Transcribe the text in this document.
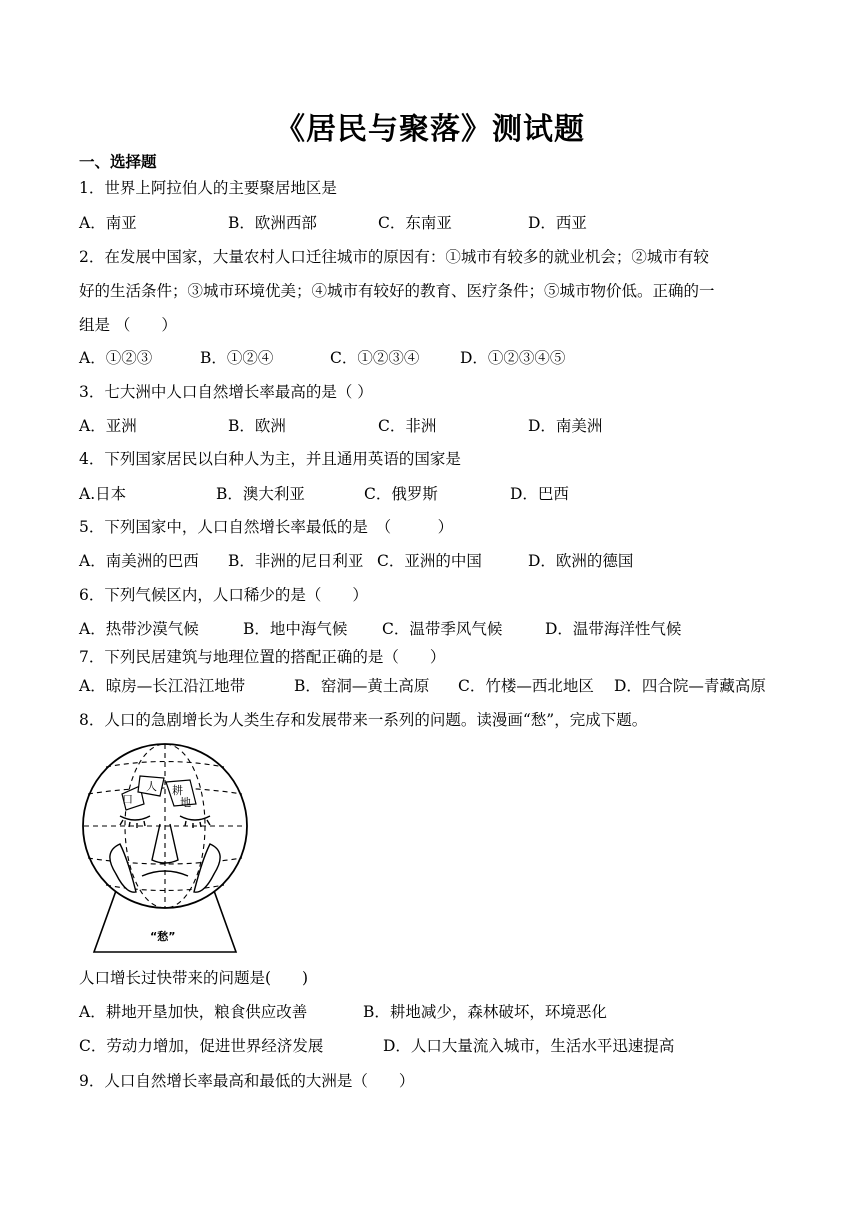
《居民与聚落》测试题
一、选择题
1．世界上阿拉伯人的主要聚居地区是
A．南亚	B．欧洲西部	C．东南亚	D．西亚
2．在发展中国家，大量农村人口迁往城市的原因有：①城市有较多的就业机会；②城市有较
好的生活条件；③城市环境优美；④城市有较好的教育、医疗条件；⑤城市物价低。正确的一
组是 （　　）
A．①②③	B．①②④	C．①②③④	D．①②③④⑤
3．七大洲中人口自然增长率最高的是（ ）
A．亚洲	B．欧洲	C．非洲	D．南美洲
4．下列国家居民以白种人为主，并且通用英语的国家是
A.日本	B．澳大利亚	C．俄罗斯	D．巴西
5．下列国家中，人口自然增长率最低的是　（　　　）
A．南美洲的巴西 B．非洲的尼日利亚 C．亚洲的中国	D．欧洲的德国
6．下列气候区内，人口稀少的是（　　）
A．热带沙漠气候	B．地中海气候 C．温带季风气候	D．温带海洋性气候
7．下列民居建筑与地理位置的搭配正确的是（　　）
A．晾房—长江沿江地带	B．窑洞—黄土高原 C．竹楼—西北地区 D．四合院—青藏高原
8．人口的急剧增长为人类生存和发展带来一系列的问题。读漫画“愁”，完成下题。
口
人 耕
地
“愁”
人口增长过快带来的问题是(　　)
A．耕地开垦加快，粮食供应改善	B．耕地减少，森林破坏，环境恶化
C．劳动力增加，促进世界经济发展	D．人口大量流入城市，生活水平迅速提高
9．人口自然增长率最高和最低的大洲是（　　）
